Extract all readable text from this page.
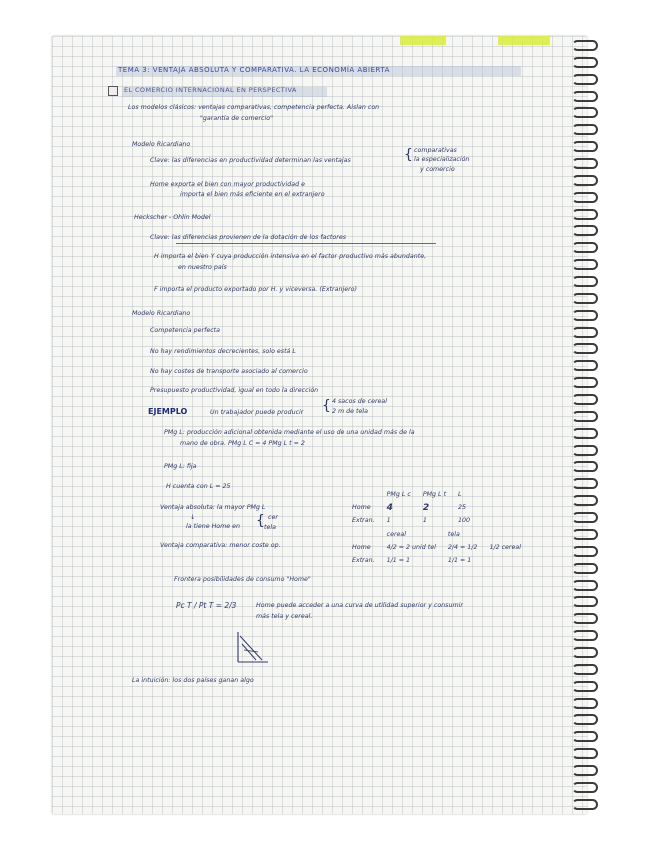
TEMA 3: VENTAJA ABSOLUTA Y COMPARATIVA. LA ECONOMÍA ABIERTA
EL COMERCIO INTERNACIONAL EN PERSPECTIVA
Los modelos clásicos: ventajas comparativas, competencia perfecta. Aislan con
"garantía de comercio"
Modelo Ricardiano
Clave: las diferencias en productividad determinan las ventajas	{ comparativas
la especialización
y comercio
Home exporta el bien con mayor productividad e
importa el bien más eficiente en el extranjero
Heckscher - Ohlin Model
Clave: las diferencias provienen de la dotación de los factores
H importa el bien Y cuya producción intensiva en el factor productivo más abundante,
en nuestro país
F importa el producto exportado por H. y viceversa. (Extranjero)
Modelo Ricardiano
Competencia perfecta
No hay rendimientos decrecientes, solo está L
No hay costes de transporte asociado al comercio
Presupuesto productividad, igual en todo la dirección
EJEMPLO	Un trabajador puede producir { 4 sacos de cereal
2 m de tela
PMg L: producción adicional obtenida mediante el uso de una unidad más de la
mano de obra. PMg L C = 4 PMg L t = 2
PMg L: fija
H cuenta con L = 25
Ventaja absoluta: la mayor PMg L
↓	cer
la tiene Home en { tela
	PMg L c	PMg L t	L
Home	4	2	25
Extran.	1	1	100
Ventaja comparativa: menor coste op.
	cereal	tela	
Home	4/2 = 2 unid tel	2/4 = 1/2	1/2 cereal
Extran.	1/1 = 1	1/1 = 1	
Frontera posibilidades de consumo "Home"
Pc T / Pt T = 2/3	Home puede acceder a una curva de utilidad superior y consumir
más tela y cereal.
La intuición: los dos países ganan algo
